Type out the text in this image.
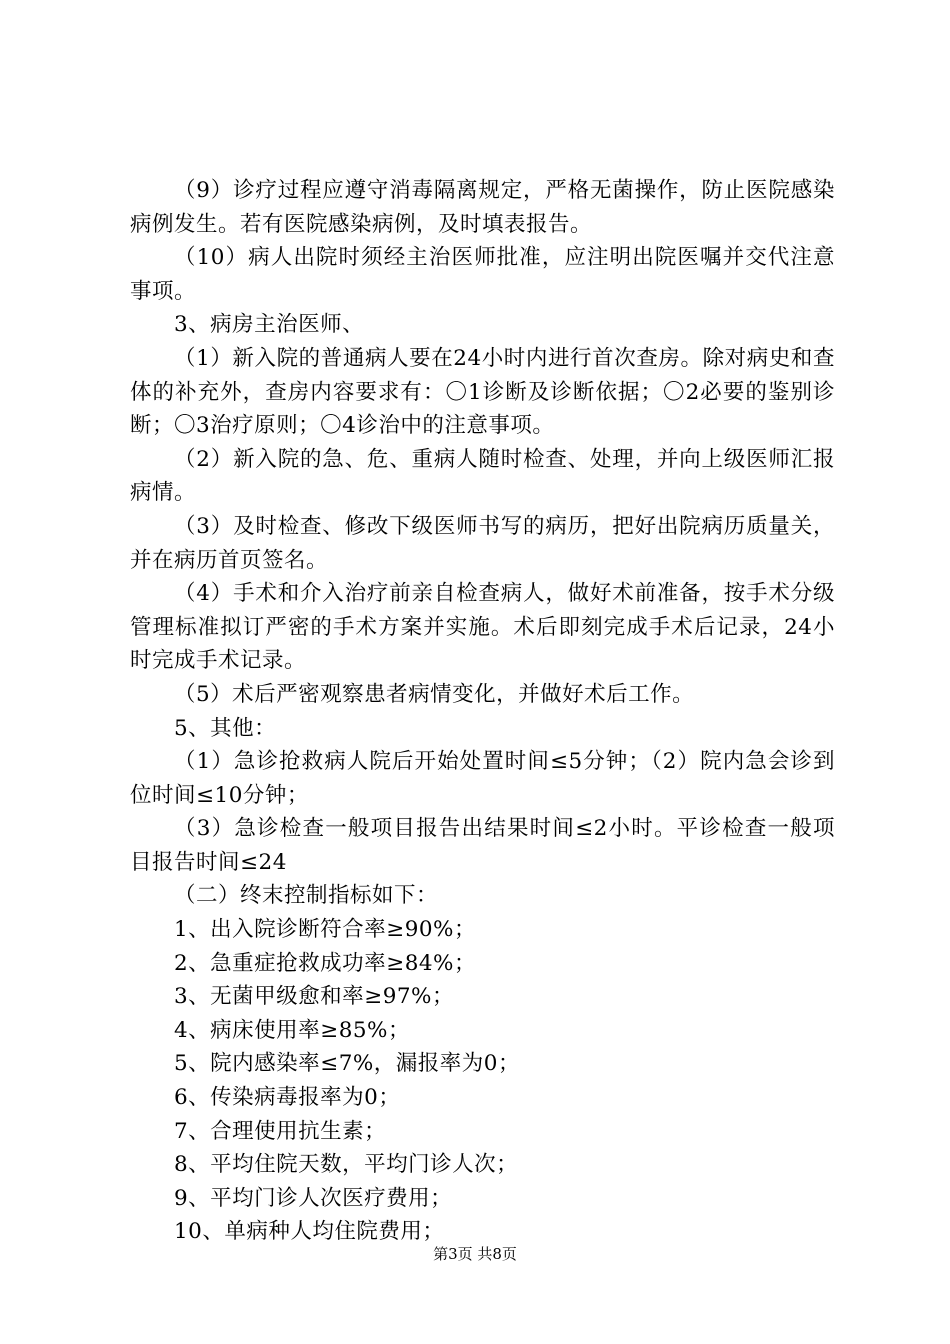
（9）诊疗过程应遵守消毒隔离规定，严格无菌操作，防止医院感染病例发生。若有医院感染病例，及时填表报告。

（10）病人出院时须经主治医师批准，应注明出院医嘱并交代注意事项。

3、病房主治医师、

（1）新入院的普通病人要在24小时内进行首次查房。除对病史和查体的补充外，查房内容要求有：〇1诊断及诊断依据；〇2必要的鉴别诊断；〇3治疗原则；〇4诊治中的注意事项。

（2）新入院的急、危、重病人随时检查、处理，并向上级医师汇报病情。

（3）及时检查、修改下级医师书写的病历，把好出院病历质量关，并在病历首页签名。

（4）手术和介入治疗前亲自检查病人，做好术前准备，按手术分级管理标准拟订严密的手术方案并实施。术后即刻完成手术后记录，24小时完成手术记录。

（5）术后严密观察患者病情变化，并做好术后工作。

5、其他：

（1）急诊抢救病人院后开始处置时间≤5分钟；（2）院内急会诊到位时间≤10分钟；

（3）急诊检查一般项目报告出结果时间≤2小时。平诊检查一般项目报告时间≤24

（二）终末控制指标如下：

1、出入院诊断符合率≥90%；

2、急重症抢救成功率≥84%；

3、无菌甲级愈和率≥97%；

4、病床使用率≥85%；

5、院内感染率≤7%，漏报率为0；

6、传染病毒报率为0；

7、合理使用抗生素；

8、平均住院天数，平均门诊人次；

9、平均门诊人次医疗费用；

10、单病种人均住院费用；

第3页 共8页
